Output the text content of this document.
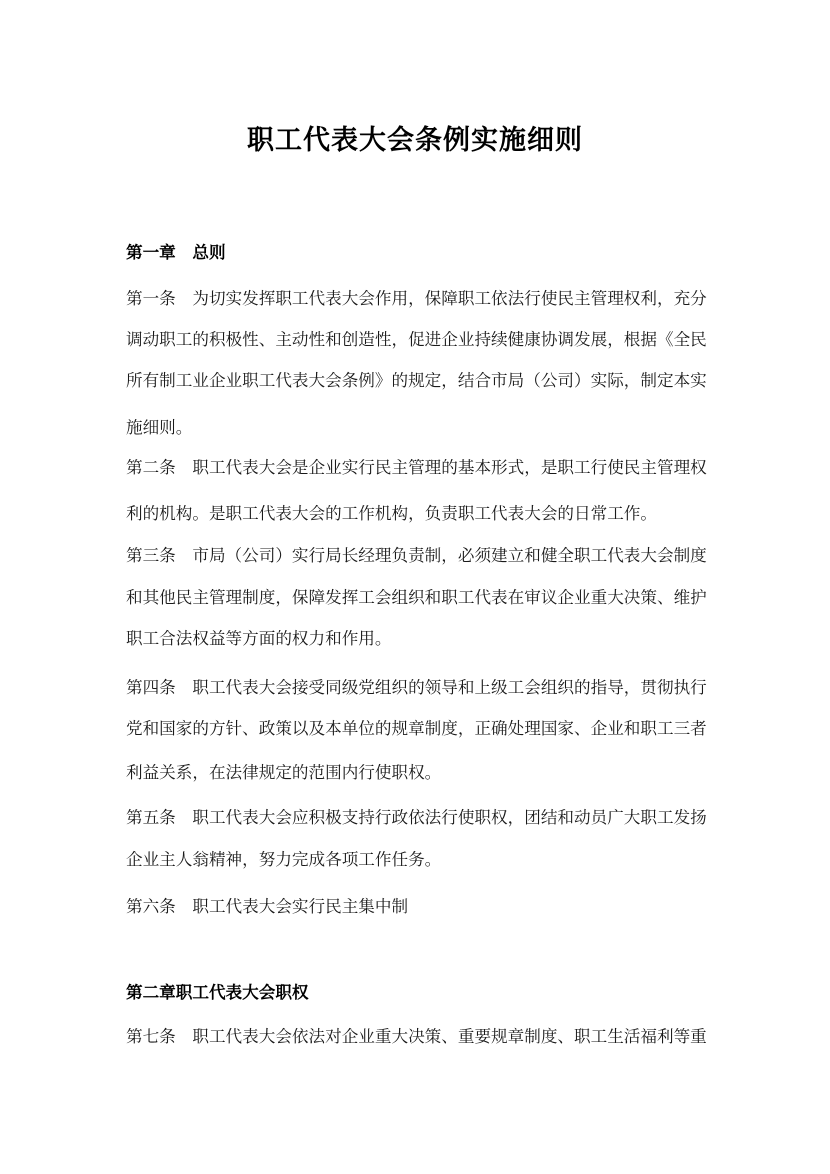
职工代表大会条例实施细则
第一章　总则
第一条　为切实发挥职工代表大会作用，保障职工依法行使民主管理权利，充分
调动职工的积极性、主动性和创造性，促进企业持续健康协调发展，根据《全民
所有制工业企业职工代表大会条例》的规定，结合市局（公司）实际，制定本实
施细则。
第二条　职工代表大会是企业实行民主管理的基本形式，是职工行使民主管理权
利的机构。是职工代表大会的工作机构，负责职工代表大会的日常工作。
第三条　市局（公司）实行局长经理负责制，必须建立和健全职工代表大会制度
和其他民主管理制度，保障发挥工会组织和职工代表在审议企业重大决策、维护
职工合法权益等方面的权力和作用。
第四条　职工代表大会接受同级党组织的领导和上级工会组织的指导，贯彻执行
党和国家的方针、政策以及本单位的规章制度，正确处理国家、企业和职工三者
利益关系，在法律规定的范围内行使职权。
第五条　职工代表大会应积极支持行政依法行使职权，团结和动员广大职工发扬
企业主人翁精神，努力完成各项工作任务。
第六条　职工代表大会实行民主集中制
第二章职工代表大会职权
第七条　职工代表大会依法对企业重大决策、重要规章制度、职工生活福利等重
